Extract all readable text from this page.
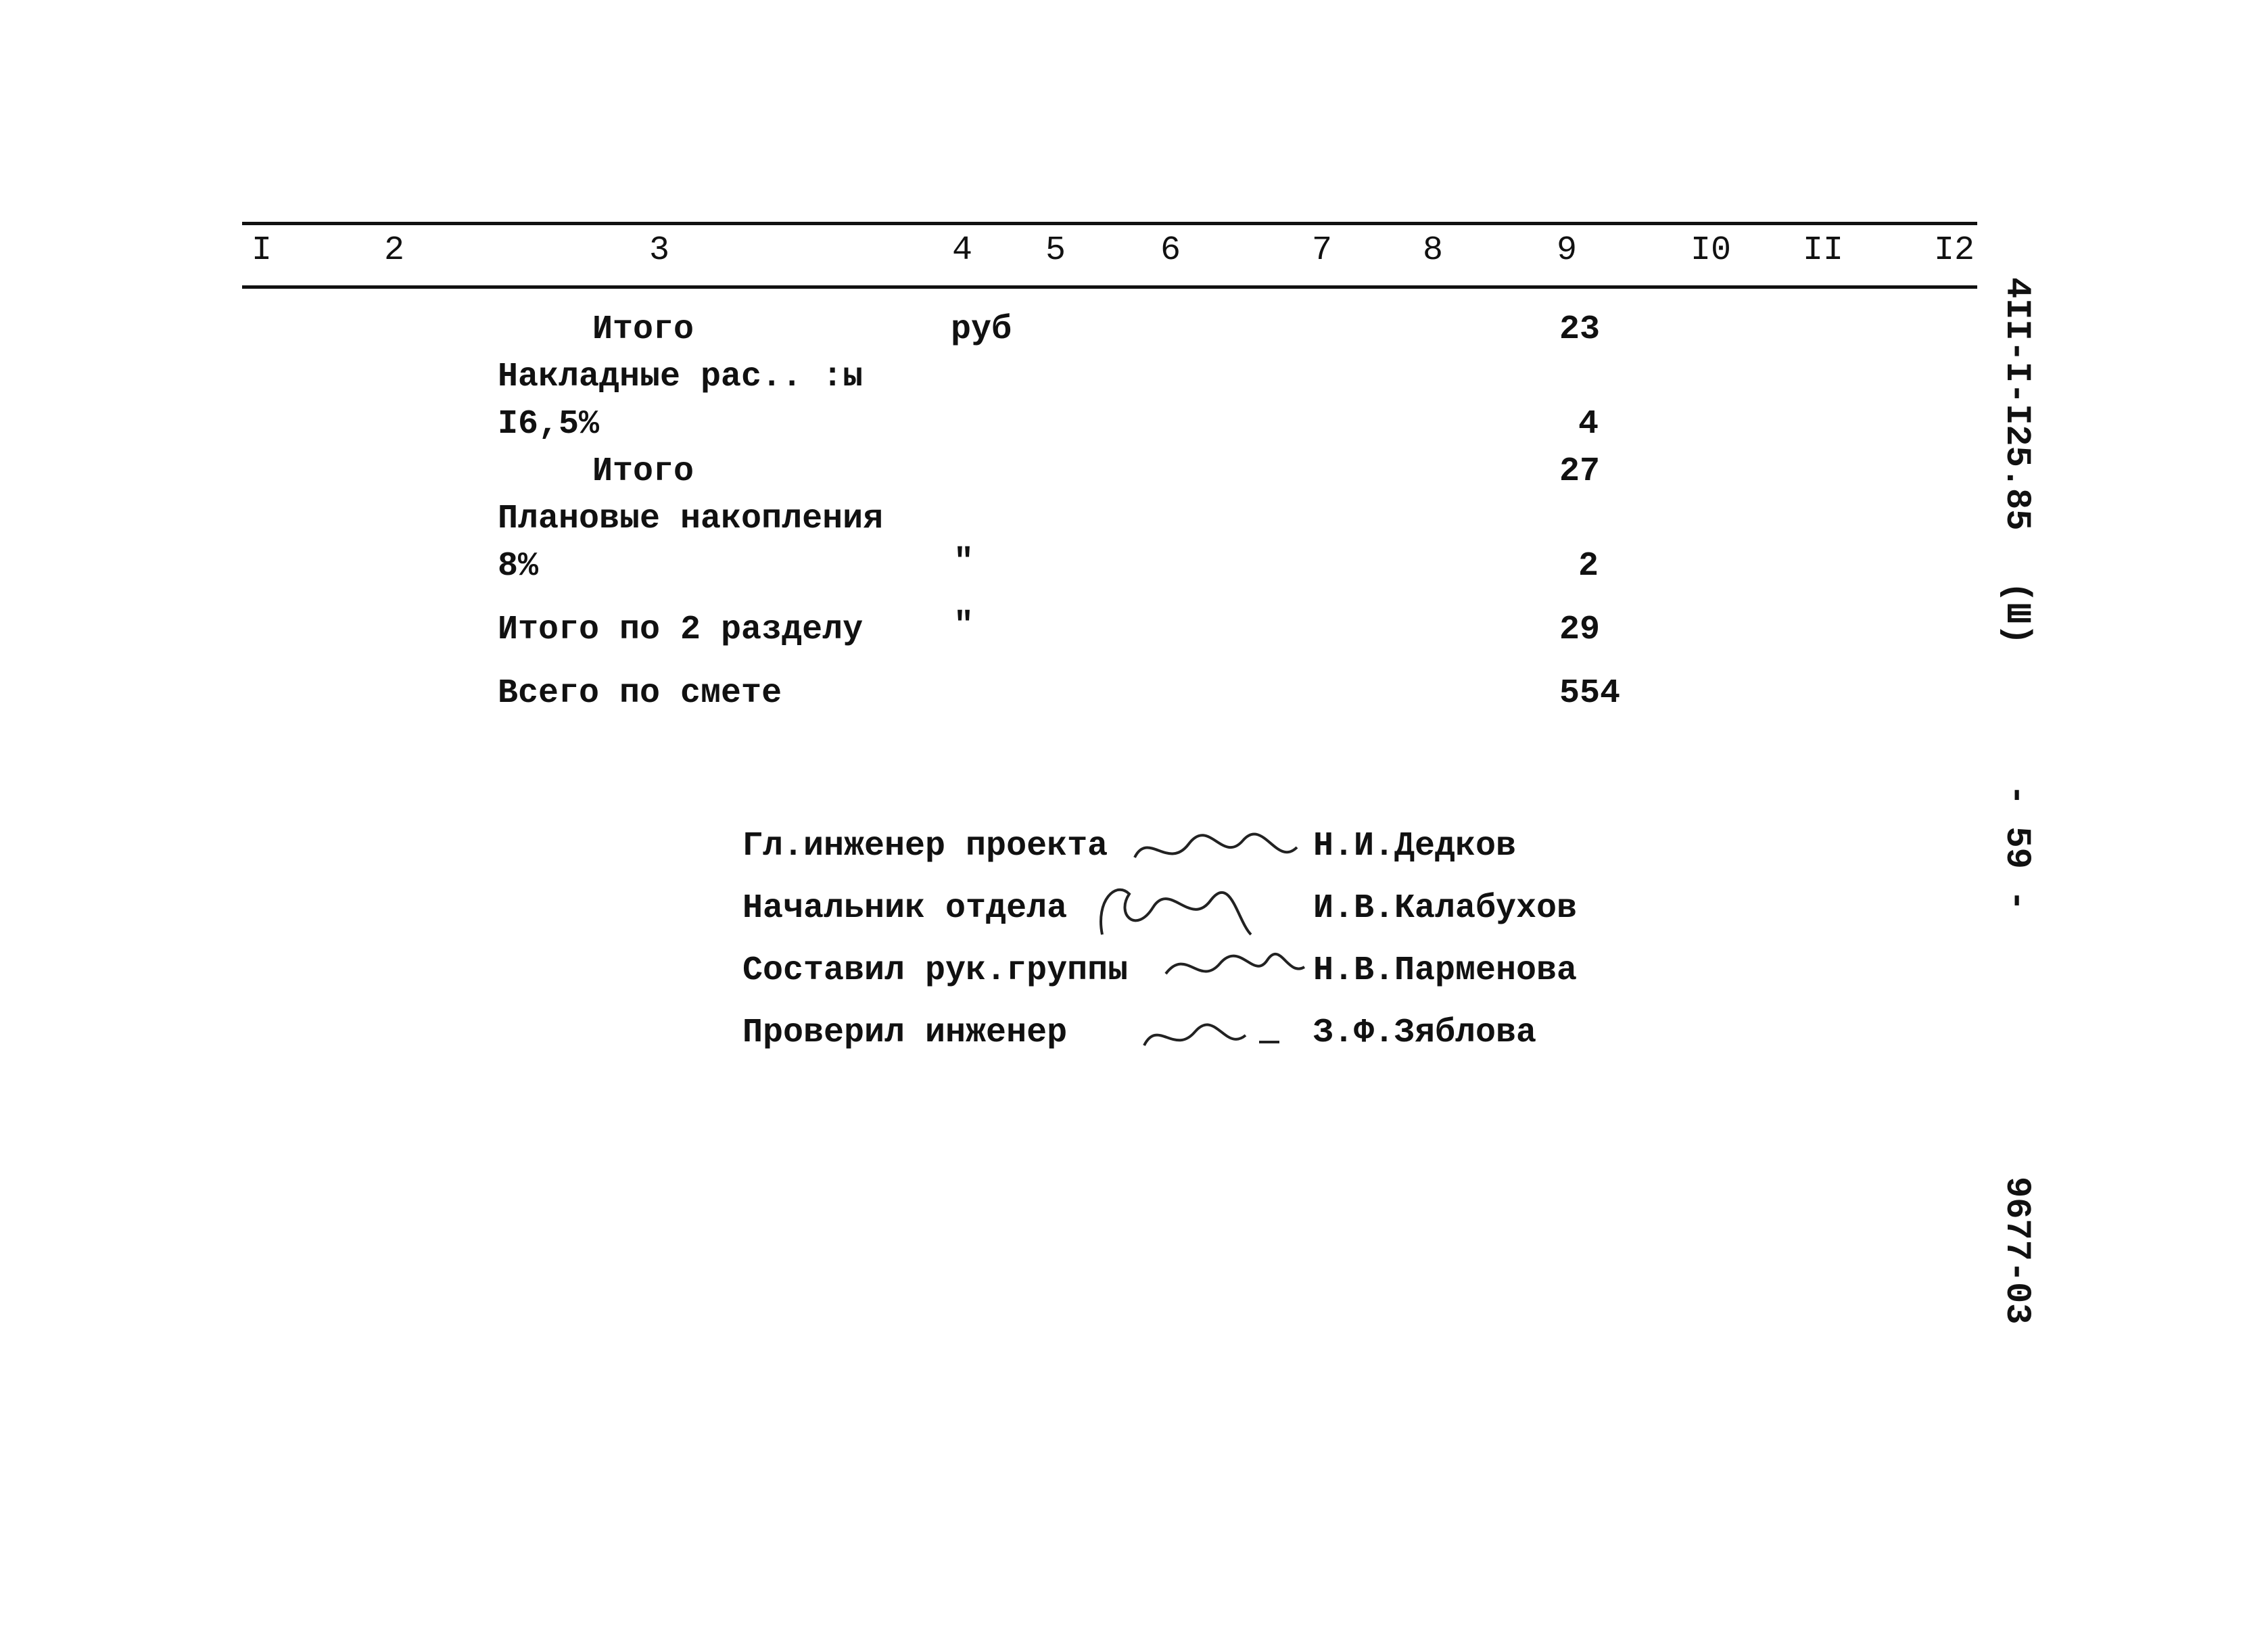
I	2	3	4 5	6	7	8	9	I0 II	I2
Итого	руб	23
Накладные рас.. :ы
I6,5%	4
Итого	27
Плановые накопления
8%	"	2
Итого по 2 разделу	"	29
Всего по смете	554
Гл.инженер проекта	Н.И.Дедков
Начальник отдела	И.В.Калабухов
Составил рук.группы	Н.В.Парменова
Проверил инженер	З.Ф.Зяблова
4II-I-I25.85
(Ш)
- 59 -
9677-03
